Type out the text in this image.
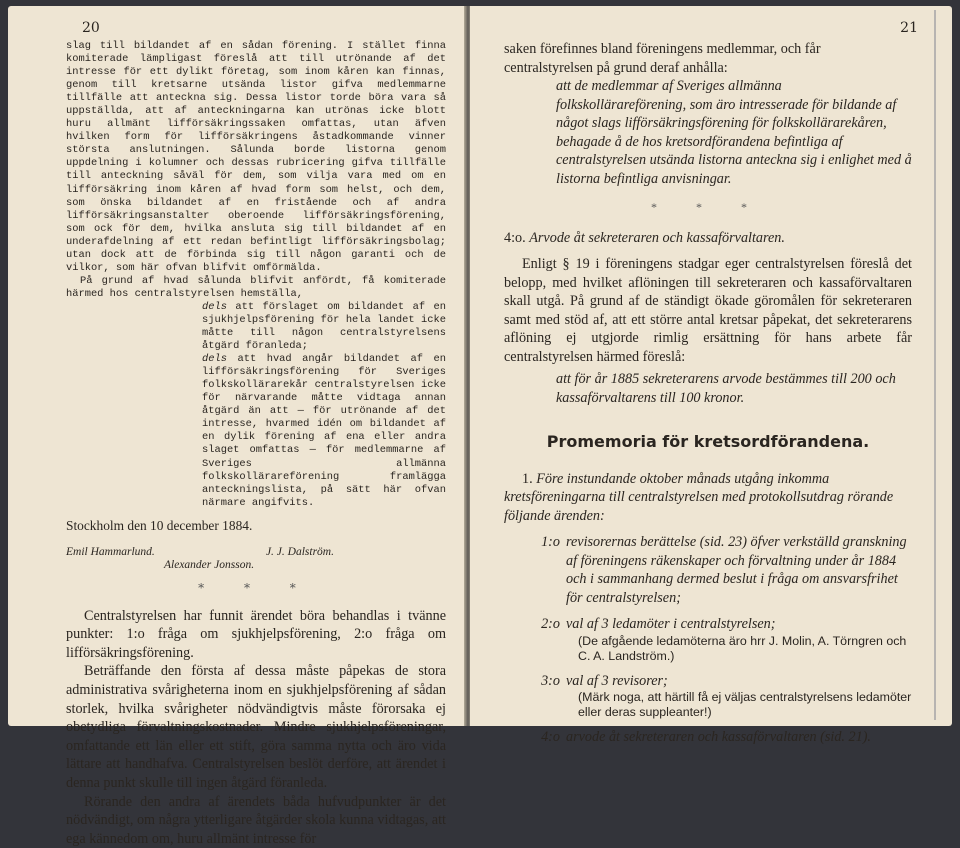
20

slag till bildandet af en sådan förening. I stället finna komiterade lämpligast föreslå att till utrönande af det intresse för ett dylikt företag, som inom kåren kan finnas, genom till kretsarne utsända listor gifva medlemmarne tillfälle att anteckna sig. Dessa listor torde böra vara så uppställda, att af anteckningarna kan utrönas icke blott huru allmänt lifförsäkringssaken omfattas, utan äfven hvilken form för lifförsäkringens åstadkommande vinner största anslutningen. Sålunda borde listorna genom uppdelning i kolumner och dessas rubricering gifva tillfälle till anteckning såväl för dem, som vilja vara med om en lifförsäkring inom kåren af hvad form som helst, och dem, som önska bildandet af en fristående och af andra lifförsäkringsanstalter oberoende lifförsäkringsförening, som ock för dem, hvilka ansluta sig till bildandet af en underafdelning af ett redan befintligt lifförsäkringsbolag; utan dock att de förbinda sig till någon garanti och de vilkor, som här ofvan blifvit omförmälda.

På grund af hvad sålunda blifvit anfördt, få komiterade härmed hos centralstyrelsen hemställa,

dels att förslaget om bildandet af en sjukhjelpsförening för hela landet icke måtte till någon centralstyrelsens åtgärd föranleda;

dels att hvad angår bildandet af en lifförsäkringsförening för Sveriges folkskollärarekår centralstyrelsen icke för närvarande måtte vidtaga annan åtgärd än att — för utrönande af det intresse, hvarmed idén om bildandet af en dylik förening af ena eller andra slaget omfattas — för medlemmarne af Sveriges allmänna folkskollärareförening framlägga anteckningslista, på sätt här ofvan närmare angifvits.

Stockholm den 10 december 1884.
Emil Hammarlund.	J. J. Dalström.
Alexander Jonsson.
* * *

Centralstyrelsen har funnit ärendet böra behandlas i tvänne punkter: 1:o fråga om sjukhjelpsförening, 2:o fråga om lifförsäkringsförening.

Beträffande den första af dessa måste påpekas de stora administrativa svårigheterna inom en sjukhjelpsförening af sådan storlek, hvilka svårigheter nödvändigtvis måste förorsaka ej obetydliga förvaltningskostnader. Mindre sjukhjelpsföreningar, omfattande ett län eller ett stift, göra samma nytta och äro vida lättare att handhafva. Centralstyrelsen beslöt derföre, att ärendet i denna punkt skulle till ingen åtgärd föranleda.

Rörande den andra af ärendets båda hufvudpunkter är det nödvändigt, om några ytterligare åtgärder skola kunna vidtagas, att ega kännedom om, huru allmänt intresse för

21

saken förefinnes bland föreningens medlemmar, och får centralstyrelsen på grund deraf anhålla:

att de medlemmar af Sveriges allmänna folkskollärareförening, som äro intresserade för bildande af något slags lifförsäkringsförening för folkskollärarekåren, behagade å de hos kretsordförandena befintliga af centralstyrelsen utsända listorna anteckna sig i enlighet med å listorna befintliga anvisningar.

* * *

4:o. Arvode åt sekreteraren och kassaförvaltaren.

Enligt § 19 i föreningens stadgar eger centralstyrelsen föreslå det belopp, med hvilket aflöningen till sekreteraren och kassaförvaltaren skall utgå. På grund af de ständigt ökade göromålen för sekreteraren samt med stöd af, att ett större antal kretsar påpekat, det sekreterarens aflöning ej utgjorde rimlig ersättning för hans arbete får centralstyrelsen härmed föreslå:

att för år 1885 sekreterarens arvode bestämmes till 200 och kassaförvaltarens till 100 kronor.

Promemoria för kretsordförandena.

1. Före instundande oktober månads utgång inkomma kretsföreningarna till centralstyrelsen med protokollsutdrag rörande följande ärenden:

1:o revisorernas berättelse (sid. 23) öfver verkställd granskning af föreningens räkenskaper och förvaltning under år 1884 och i sammanhang dermed beslut i fråga om ansvarsfrihet för centralstyrelsen;
2:o val af 3 ledamöter i centralstyrelsen;
(De afgående ledamöterna äro hrr J. Molin, A. Törngren och C. A. Landström.)
3:o val af 3 revisorer;
(Märk noga, att härtill få ej väljas centralstyrelsens ledamöter eller deras suppleanter!)
4:o arvode åt sekreteraren och kassaförvaltaren (sid. 21).
